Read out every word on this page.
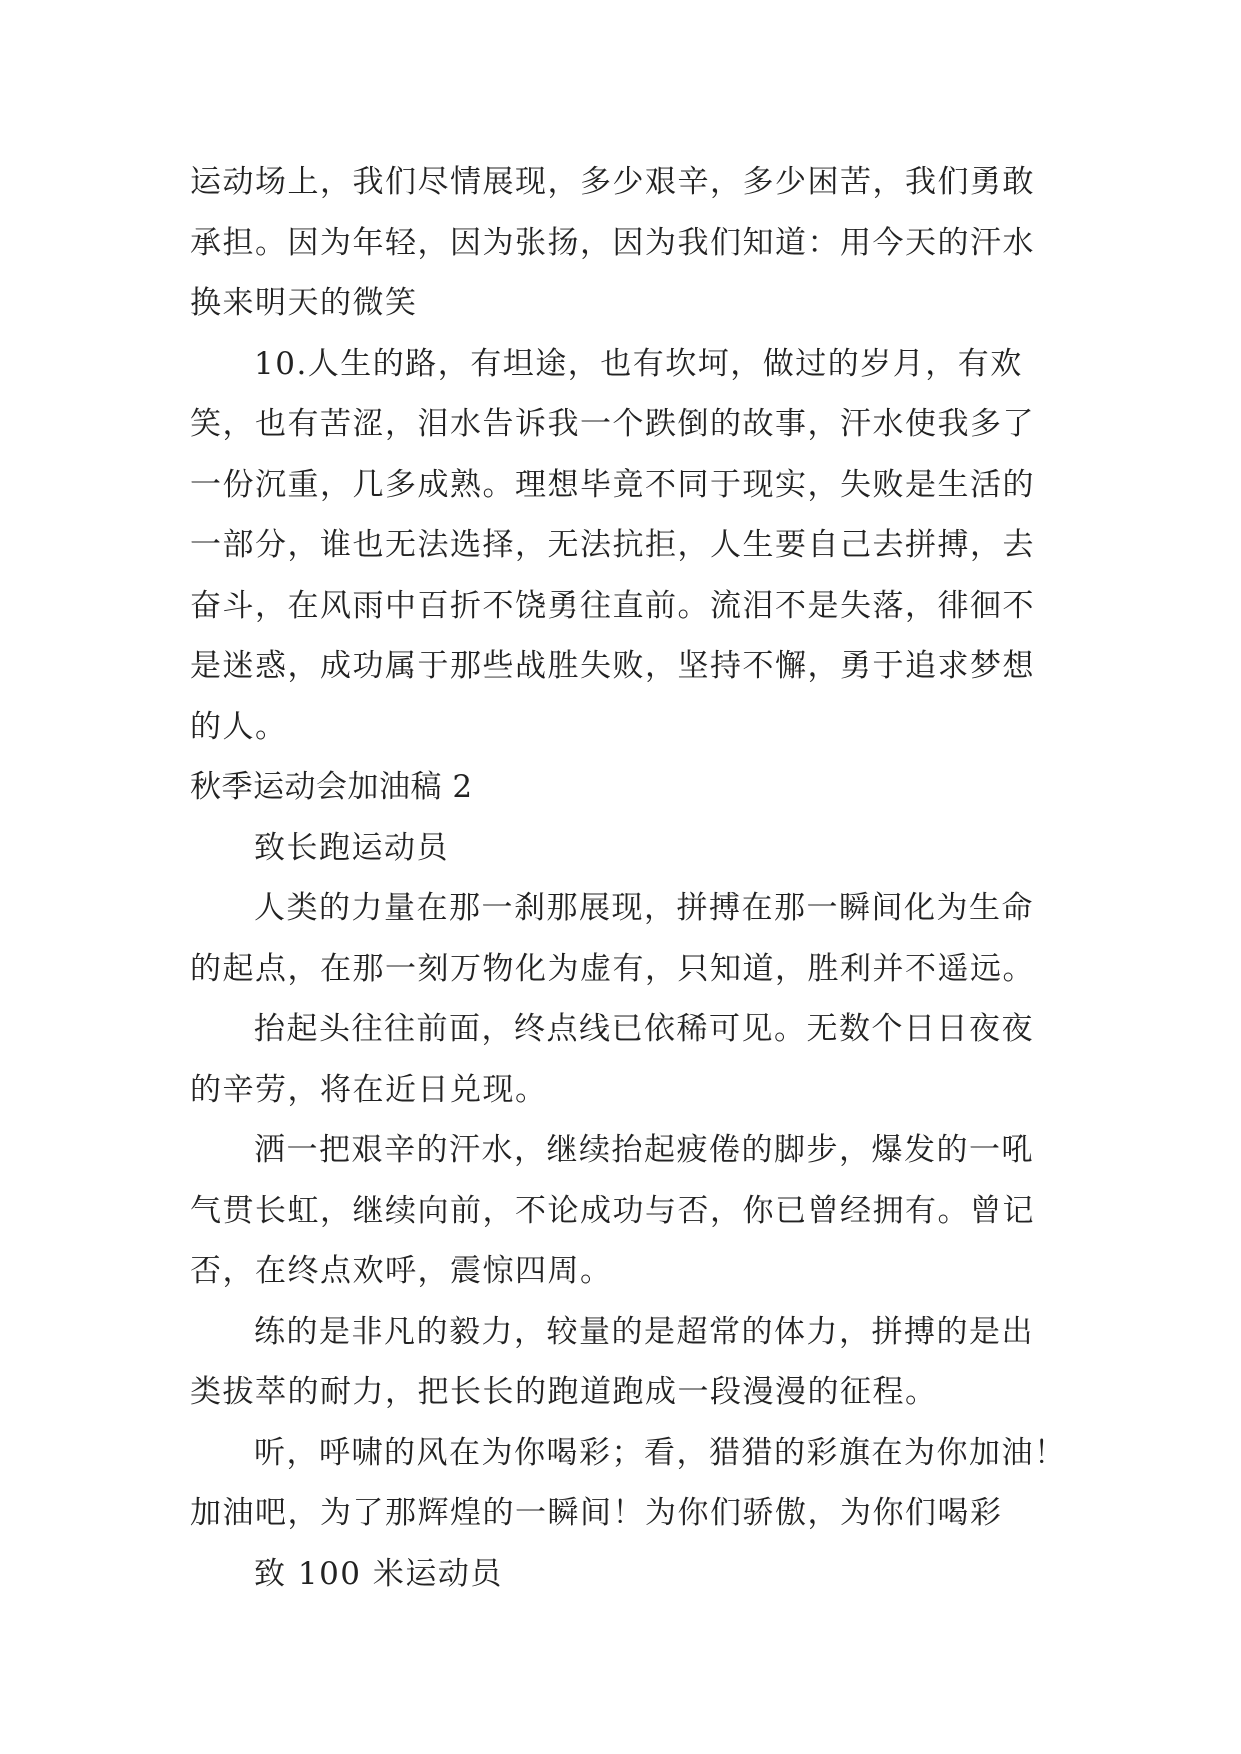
运动场上，我们尽情展现，多少艰辛，多少困苦，我们勇敢
承担。因为年轻，因为张扬，因为我们知道：用今天的汗水
换来明天的微笑
10.人生的路，有坦途，也有坎坷，做过的岁月，有欢
笑，也有苦涩，泪水告诉我一个跌倒的故事，汗水使我多了
一份沉重，几多成熟。理想毕竟不同于现实，失败是生活的
一部分，谁也无法选择，无法抗拒，人生要自己去拼搏，去
奋斗，在风雨中百折不饶勇往直前。流泪不是失落，徘徊不
是迷惑，成功属于那些战胜失败，坚持不懈，勇于追求梦想
的人。
秋季运动会加油稿 2
致长跑运动员
人类的力量在那一刹那展现，拼搏在那一瞬间化为生命
的起点，在那一刻万物化为虚有，只知道，胜利并不遥远。
抬起头往往前面，终点线已依稀可见。无数个日日夜夜
的辛劳，将在近日兑现。
洒一把艰辛的汗水，继续抬起疲倦的脚步，爆发的一吼
气贯长虹，继续向前，不论成功与否，你已曾经拥有。曾记
否，在终点欢呼，震惊四周。
练的是非凡的毅力，较量的是超常的体力，拼搏的是出
类拔萃的耐力，把长长的跑道跑成一段漫漫的征程。
听，呼啸的风在为你喝彩；看，猎猎的彩旗在为你加油！
加油吧，为了那辉煌的一瞬间！为你们骄傲，为你们喝彩
致 100 米运动员
